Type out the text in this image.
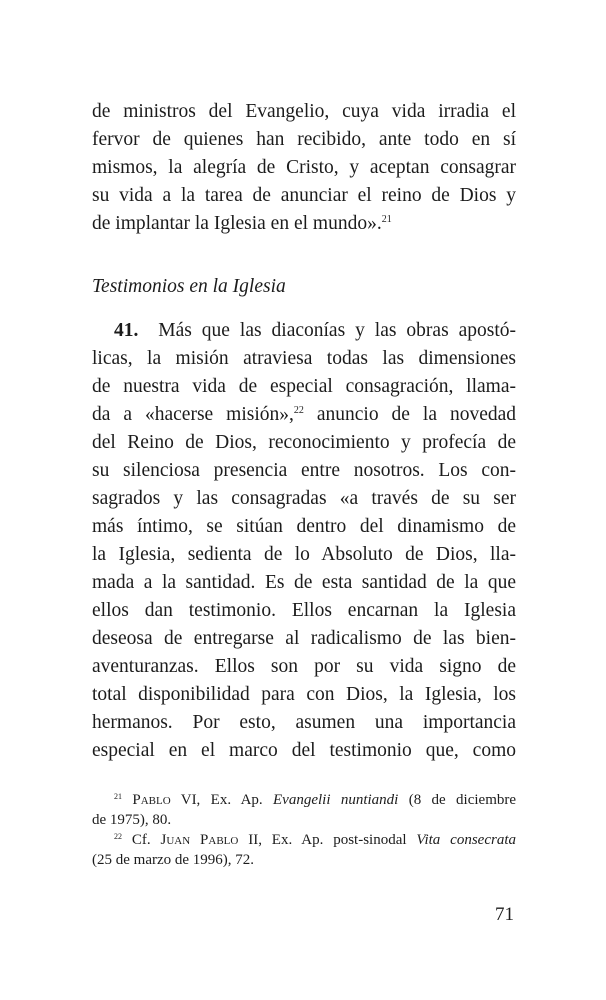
de ministros del Evangelio, cuya vida irradia el
fervor de quienes han recibido, ante todo en sí
mismos, la alegría de Cristo, y aceptan consagrar
su vida a la tarea de anunciar el reino de Dios y
de implantar la Iglesia en el mundo».$^{21}$
Testimonios en la Iglesia
41. Más que las diaconías y las obras apostó-
licas, la misión atraviesa todas las dimensiones
de nuestra vida de especial consagración, llama-
da a «hacerse misión»,$^{22}$ anuncio de la novedad
del Reino de Dios, reconocimiento y profecía de
su silenciosa presencia entre nosotros. Los con-
sagrados y las consagradas «a través de su ser
más íntimo, se sitúan dentro del dinamismo de
la Iglesia, sedienta de lo Absoluto de Dios, lla-
mada a la santidad. Es de esta santidad de la que
ellos dan testimonio. Ellos encarnan la Iglesia
deseosa de entregarse al radicalismo de las bien-
aventuranzas. Ellos son por su vida signo de
total disponibilidad para con Dios, la Iglesia, los
hermanos. Por esto, asumen una importancia
especial en el marco del testimonio que, como
$^{21}$ Pablo VI, Ex. Ap. Evangelii nuntiandi (8 de diciembre
de 1975), 80.
$^{22}$ Cf. Juan Pablo II, Ex. Ap. post-sinodal Vita consecrata
(25 de marzo de 1996), 72.
71
